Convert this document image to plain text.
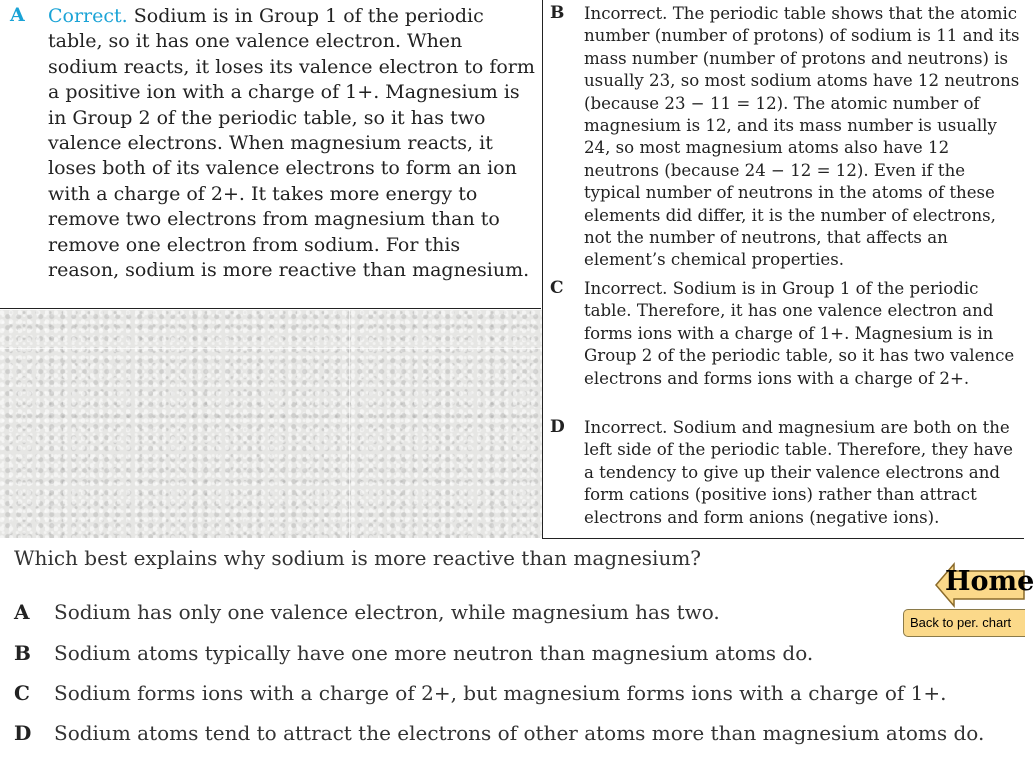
A Correct. Sodium is in Group 1 of the periodic table, so it has one valence electron. When sodium reacts, it loses its valence electron to form a positive ion with a charge of 1+. Magnesium is in Group 2 of the periodic table, so it has two valence electrons. When magnesium reacts, it loses both of its valence electrons to form an ion with a charge of 2+. It takes more energy to remove two electrons from magnesium than to remove one electron from sodium. For this reason, sodium is more reactive than magnesium.
B Incorrect. The periodic table shows that the atomic number (number of protons) of sodium is 11 and its mass number (number of protons and neutrons) is usually 23, so most sodium atoms have 12 neutrons (because 23 − 11 = 12). The atomic number of magnesium is 12, and its mass number is usually 24, so most magnesium atoms also have 12 neutrons (because 24 − 12 = 12). Even if the typical number of neutrons in the atoms of these elements did differ, it is the number of electrons, not the number of neutrons, that affects an element’s chemical properties.
C Incorrect. Sodium is in Group 1 of the periodic table. Therefore, it has one valence electron and forms ions with a charge of 1+. Magnesium is in Group 2 of the periodic table, so it has two valence electrons and forms ions with a charge of 2+.
D Incorrect. Sodium and magnesium are both on the left side of the periodic table. Therefore, they have a tendency to give up their valence electrons and form cations (positive ions) rather than attract electrons and form anions (negative ions).
Which best explains why sodium is more reactive than magnesium?
A Sodium has only one valence electron, while magnesium has two.
B Sodium atoms typically have one more neutron than magnesium atoms do.
C Sodium forms ions with a charge of 2+, but magnesium forms ions with a charge of 1+.
D Sodium atoms tend to attract the electrons of other atoms more than magnesium atoms do.
Home
Back to per. chart
